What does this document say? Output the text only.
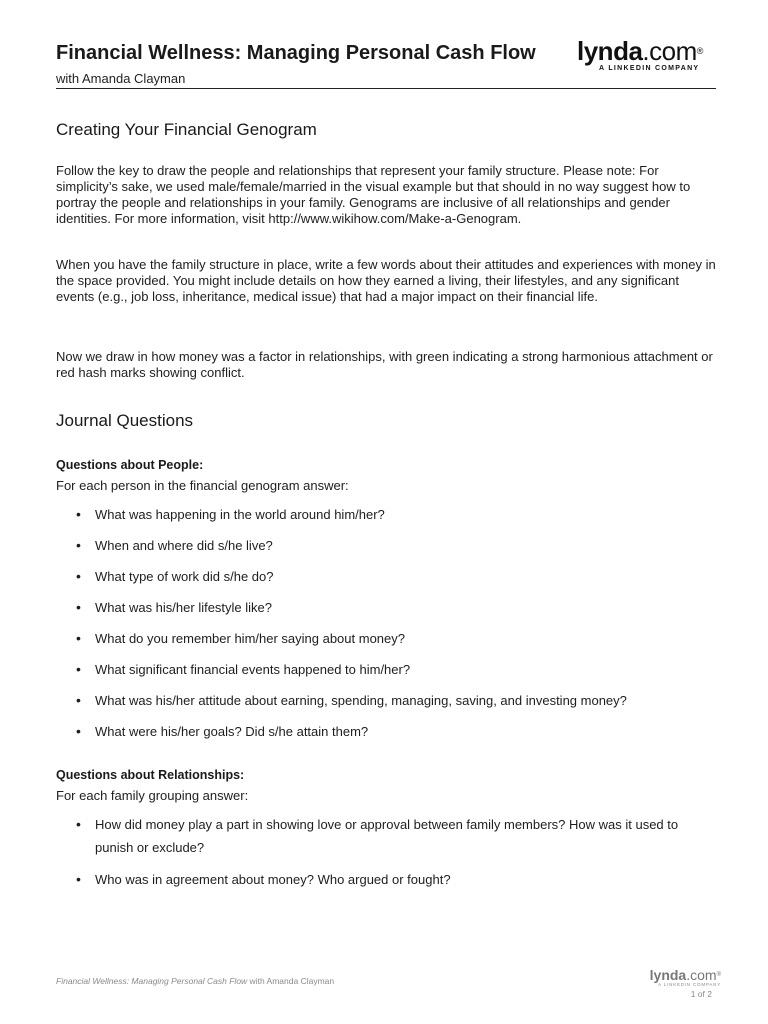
Financial Wellness: Managing Personal Cash Flow
with Amanda Clayman
lynda.com®
A LINKEDIN COMPANY
Creating Your Financial Genogram
Follow the key to draw the people and relationships that represent your family structure. Please note: For simplicity’s sake, we used male/female/married in the visual example but that should in no way suggest how to portray the people and relationships in your family. Genograms are inclusive of all relationships and gender identities. For more information, visit http://www.wikihow.com/Make-a-Genogram.
When you have the family structure in place, write a few words about their attitudes and experiences with money in the space provided. You might include details on how they earned a living, their lifestyles, and any significant events (e.g., job loss, inheritance, medical issue) that had a major impact on their financial life.
Now we draw in how money was a factor in relationships, with green indicating a strong harmonious attachment or red hash marks showing conflict.
Journal Questions
Questions about People:
For each person in the financial genogram answer:
•	What was happening in the world around him/her?
•	When and where did s/he live?
•	What type of work did s/he do?
•	What was his/her lifestyle like?
•	What do you remember him/her saying about money?
•	What significant financial events happened to him/her?
•	What was his/her attitude about earning, spending, managing, saving, and investing money?
•	What were his/her goals? Did s/he attain them?
Questions about Relationships:
For each family grouping answer:
•	How did money play a part in showing love or approval between family members? How was it used to punish or exclude?
•	Who was in agreement about money? Who argued or fought?
Financial Wellness: Managing Personal Cash Flow with Amanda Clayman	lynda.com®
A LINKEDIN COMPANY
1 of 2
